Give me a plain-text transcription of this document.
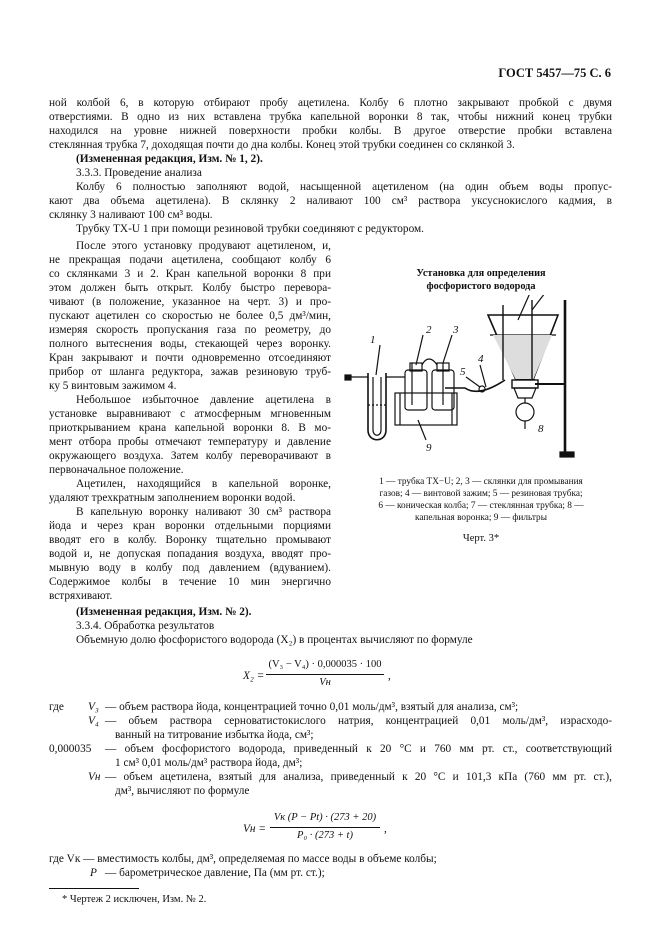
ГОСТ 5457—75 С. 6
ной колбой 6, в которую отбирают пробу ацетилена. Колбу 6 плотно закрывают пробкой с двумя
отверстиями. В одно из них вставлена трубка капельной воронки 8 так, чтобы нижний конец трубки
находился на уровне нижней поверхности пробки колбы. В другое отверстие пробки вставлена
стеклянная трубка 7, доходящая почти до дна колбы. Конец этой трубки соединен со склянкой 3.
(Измененная редакция, Изм. № 1, 2).
3.3.3. Проведение анализа
Колбу 6 полностью заполняют водой, насыщенной ацетиленом (на один объем воды пропус-
кают два объема ацетилена). В склянку 2 наливают 100 см³ раствора уксуснокислого кадмия, в
склянку 3 наливают 100 см³ воды.
Трубку ТХ-U 1 при помощи резиновой трубки соединяют с редуктором.
После этого установку продувают ацетиленом, и,
не прекращая подачи ацетилена, сообщают колбу 6
со склянками 3 и 2. Кран капельной воронки 8 при
этом должен быть открыт. Колбу быстро перевора-
чивают (в положение, указанное на черт. 3) и про-
пускают ацетилен со скоростью не более 0,5 дм³/мин,
измеряя скорость пропускания газа по реометру, до
полного вытеснения воды, стекающей через воронку.
Кран закрывают и почти одновременно отсоединяют
прибор от шланга редуктора, зажав резиновую труб-
ку 5 винтовым зажимом 4.
Небольшое избыточное давление ацетилена в
установке выравнивают с атмосферным мгновенным
приоткрыванием крана капельной воронки 8. В мо-
мент отбора пробы отмечают температуру и давление
окружающего воздуха. Затем колбу переворачивают в
первоначальное положение.
Ацетилен, находящийся в капельной воронке,
удаляют трехкратным заполнением воронки водой.
В капельную воронку наливают 30 см³ раствора
йода и через кран воронки отдельными порциями
вводят его в колбу. Воронку тщательно промывают
водой и, не допуская попадания воздуха, вводят про-
мывную воду в колбу под давлением (вдуванием).
Содержимое колбы в течение 10 мин энергично
встряхивают.
Установка для определения
фосфористого водорода
1
2 3
4
5
8
9
1 — трубка ТХ−U; 2, 3 — склянки для промывания
газов; 4 — винтовой зажим; 5 — резиновая трубка;
6 — коническая колба; 7 — стеклянная трубка; 8 —
капельная воронка; 9 — фильтры
Черт. 3*
(Измененная редакция, Изм. № 2).
3.3.4. Обработка результатов
Объемную долю фосфористого водорода (X₂) в процентах вычисляют по формуле
X₂ =
(V₃ − V₄) · 0,000035 · 100
Vн
,
где V₃ — объем раствора йода, концентрацией точно 0,01 моль/дм³, взятый для анализа, см³;
V₄ — объем раствора серноватистокислого натрия, концентрацией 0,01 моль/дм³, израсходо-
ванный на титрование избытка йода, см³;
0,000035 — объем фосфористого водорода, приведенный к 20 °С и 760 мм рт. ст., соответствующий
1 см³ 0,01 моль/дм³ раствора йода, дм³;
Vн — объем ацетилена, взятый для анализа, приведенный к 20 °С и 101,3 кПа (760 мм рт. ст.),
дм³, вычисляют по формуле
Vн =
Vк (P − Pt) · (273 + 20)
P₀ · (273 + t)
,
где Vк — вместимость колбы, дм³, определяемая по массе воды в объеме колбы;
P — барометрическое давление, Па (мм рт. ст.);
* Чертеж 2 исключен, Изм. № 2.
